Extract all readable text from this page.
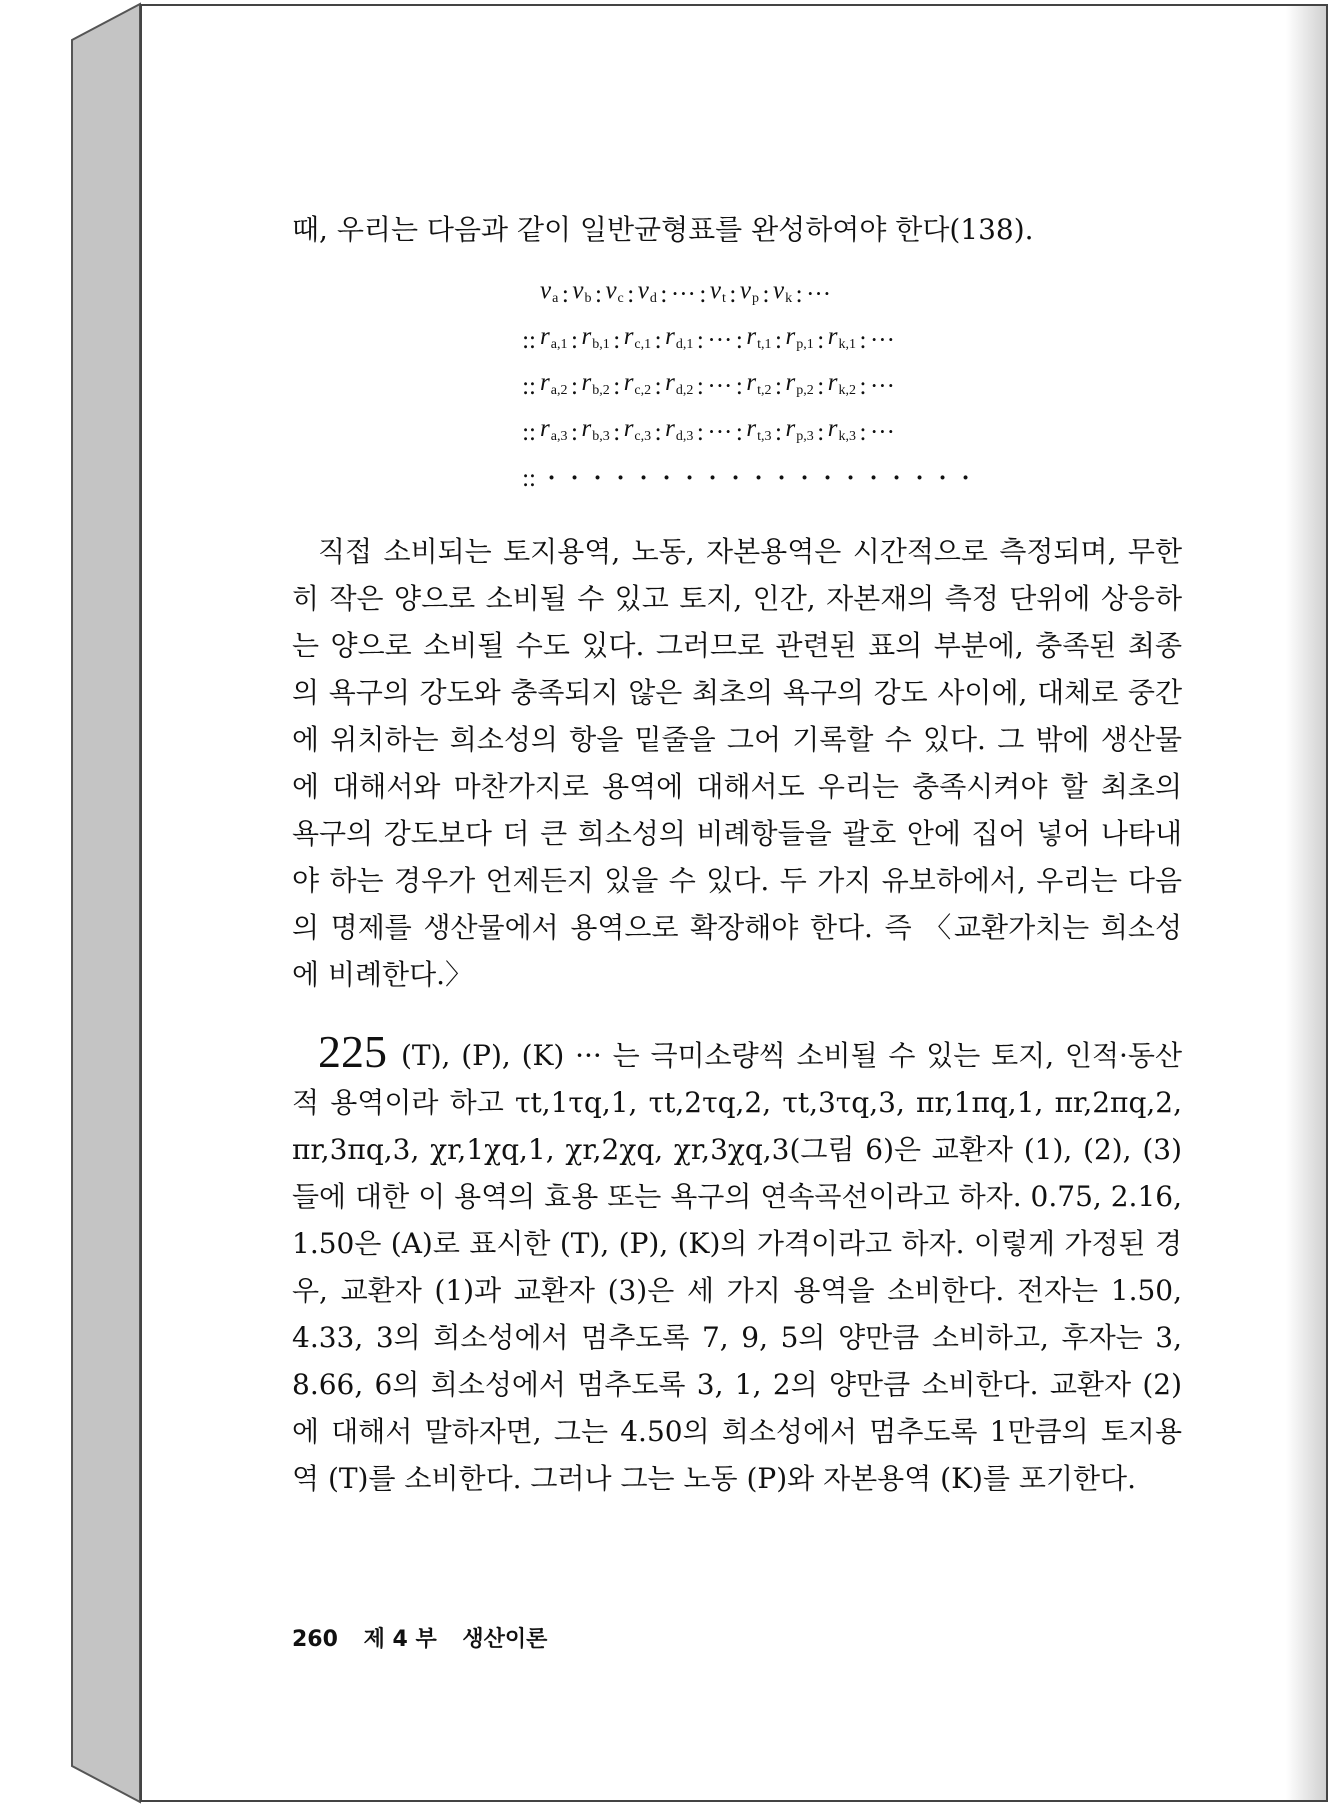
때, 우리는 다음과 같이 일반균형표를 완성하여야 한다(138).

$v_a$ : $v_b$ : $v_c$ : $v_d$ : ··· : $v_t$ : $v_p$ : $v_k$ : ···
:: $r_{a,1}$ : $r_{b,1}$ : $r_{c,1}$ : $r_{d,1}$ : ··· : $r_{t,1}$ : $r_{p,1}$ : $r_{k,1}$ : ···
:: $r_{a,2}$ : $r_{b,2}$ : $r_{c,2}$ : $r_{d,2}$ : ··· : $r_{t,2}$ : $r_{p,2}$ : $r_{k,2}$ : ···
:: $r_{a,3}$ : $r_{b,3}$ : $r_{c,3}$ : $r_{d,3}$ : ··· : $r_{t,3}$ : $r_{p,3}$ : $r_{k,3}$ : ···
:: · · · · · · · · · · · · · · · · · · ·

직접 소비되는 토지용역, 노동, 자본용역은 시간적으로 측정되며, 무한히 작은 양으로 소비될 수 있고 토지, 인간, 자본재의 측정 단위에 상응하는 양으로 소비될 수도 있다. 그러므로 관련된 표의 부분에, 충족된 최종의 욕구의 강도와 충족되지 않은 최초의 욕구의 강도 사이에, 대체로 중간에 위치하는 희소성의 항을 밑줄을 그어 기록할 수 있다. 그 밖에 생산물에 대해서와 마찬가지로 용역에 대해서도 우리는 충족시켜야 할 최초의 욕구의 강도보다 더 큰 희소성의 비례항들을 괄호 안에 집어 넣어 나타내야 하는 경우가 언제든지 있을 수 있다. 두 가지 유보하에서, 우리는 다음의 명제를 생산물에서 용역으로 확장해야 한다. 즉 〈교환가치는 희소성에 비례한다.〉

225 (T), (P), (K) ··· 는 극미소량씩 소비될 수 있는 토지, 인적·동산적 용역이라 하고 τt,1τq,1, τt,2τq,2, τt,3τq,3, πr,1πq,1, πr,2πq,2, πr,3πq,3, χr,1χq,1, χr,2χq, χr,3χq,3(그림 6)은 교환자 (1), (2), (3)들에 대한 이 용역의 효용 또는 욕구의 연속곡선이라고 하자. 0.75, 2.16, 1.50은 (A)로 표시한 (T), (P), (K)의 가격이라고 하자. 이렇게 가정된 경우, 교환자 (1)과 교환자 (3)은 세 가지 용역을 소비한다. 전자는 1.50, 4.33, 3의 희소성에서 멈추도록 7, 9, 5의 양만큼 소비하고, 후자는 3, 8.66, 6의 희소성에서 멈추도록 3, 1, 2의 양만큼 소비한다. 교환자 (2)에 대해서 말하자면, 그는 4.50의 희소성에서 멈추도록 1만큼의 토지용역 (T)를 소비한다. 그러나 그는 노동 (P)와 자본용역 (K)를 포기한다.

260 제 4 부 생산이론
